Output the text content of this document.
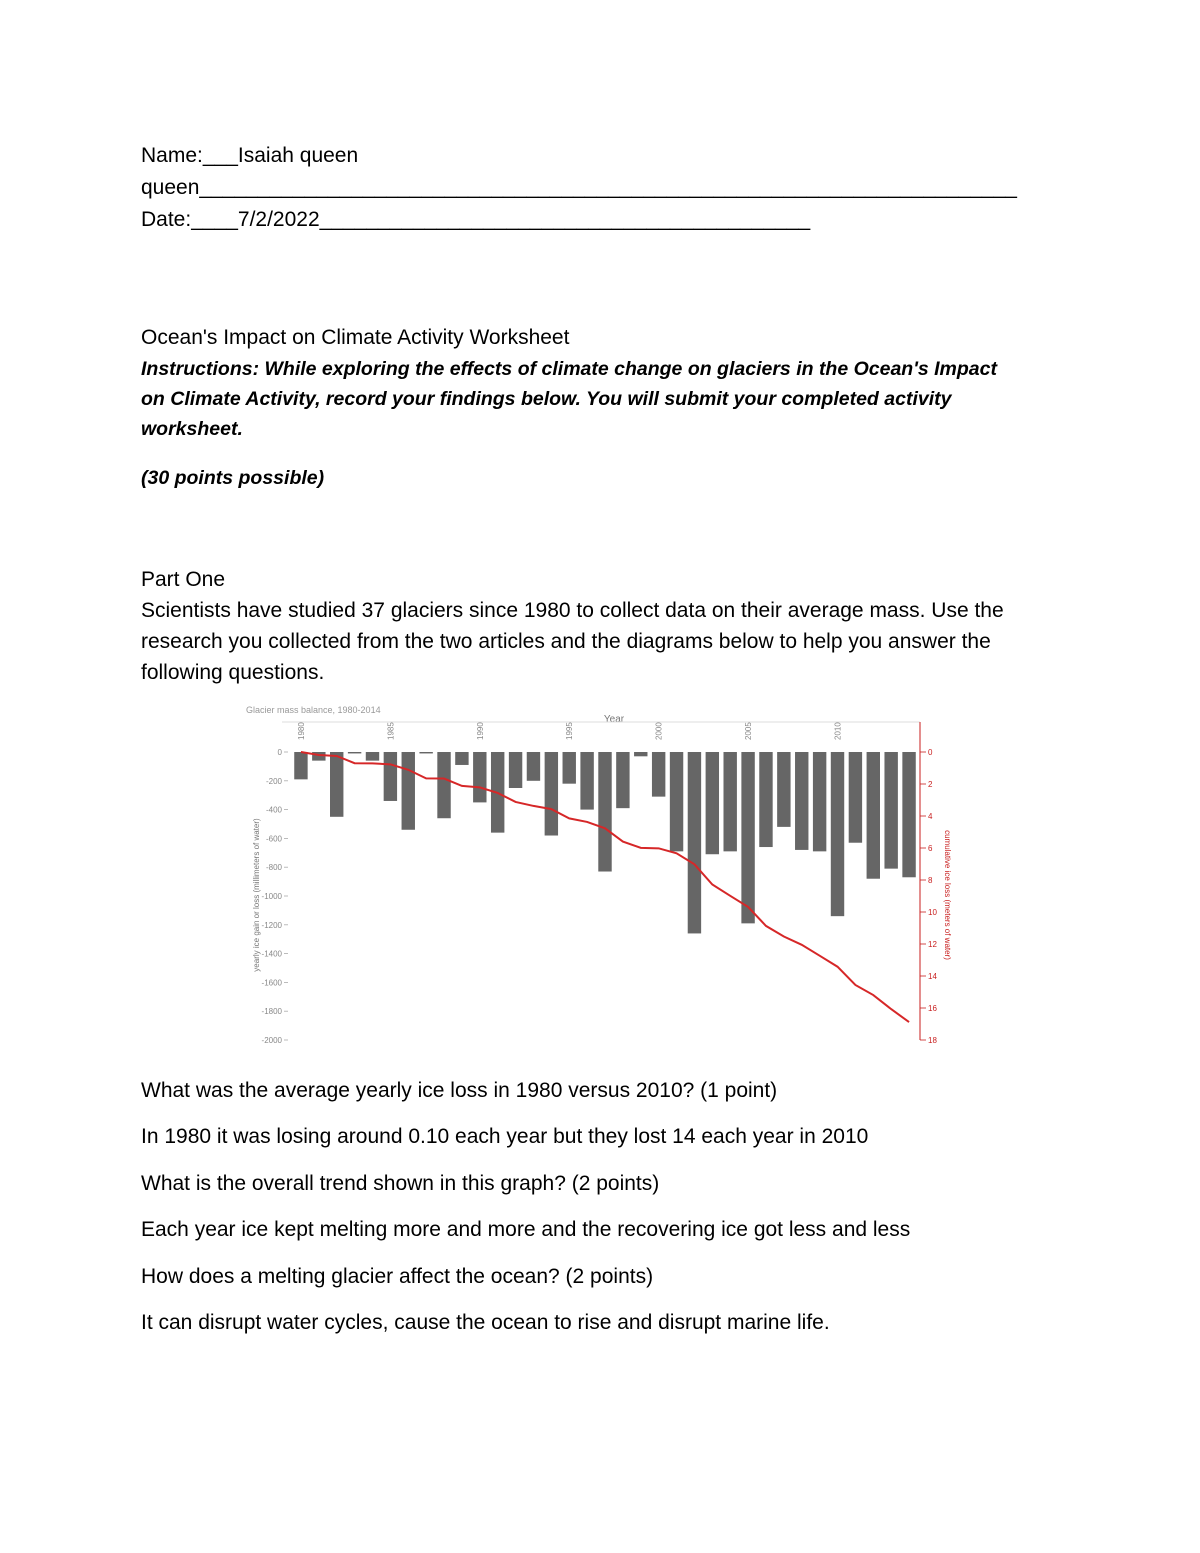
Name:___Isaiah queen
queen______________________________________________________________________
Date:____7/2/2022__________________________________________
Ocean's Impact on Climate Activity Worksheet
Instructions: While exploring the effects of climate change on glaciers in the Ocean's Impact
on Climate Activity, record your findings below. You will submit your completed activity
worksheet.
(30 points possible)
Part One
Scientists have studied 37 glaciers since 1980 to collect data on their average mass. Use the
research you collected from the two articles and the diagrams below to help you answer the
following questions.
Glacier mass balance, 1980-2014
Year
yearly ice gain or loss (millimeters of water)	cumulative ice loss (meters of water)
0
-200
-400
-600
-800
-1000
-1200
-1400
-1600
-1800
-2000
0
2
4
6
8
10
12
14
16
18
1980	1985	1990	1995	2000	2005	2010
What was the average yearly ice loss in 1980 versus 2010? (1 point)
In 1980 it was losing around 0.10 each year but they lost 14 each year in 2010
What is the overall trend shown in this graph? (2 points)
Each year ice kept melting more and more and the recovering ice got less and less
How does a melting glacier affect the ocean? (2 points)
It can disrupt water cycles, cause the ocean to rise and disrupt marine life.
